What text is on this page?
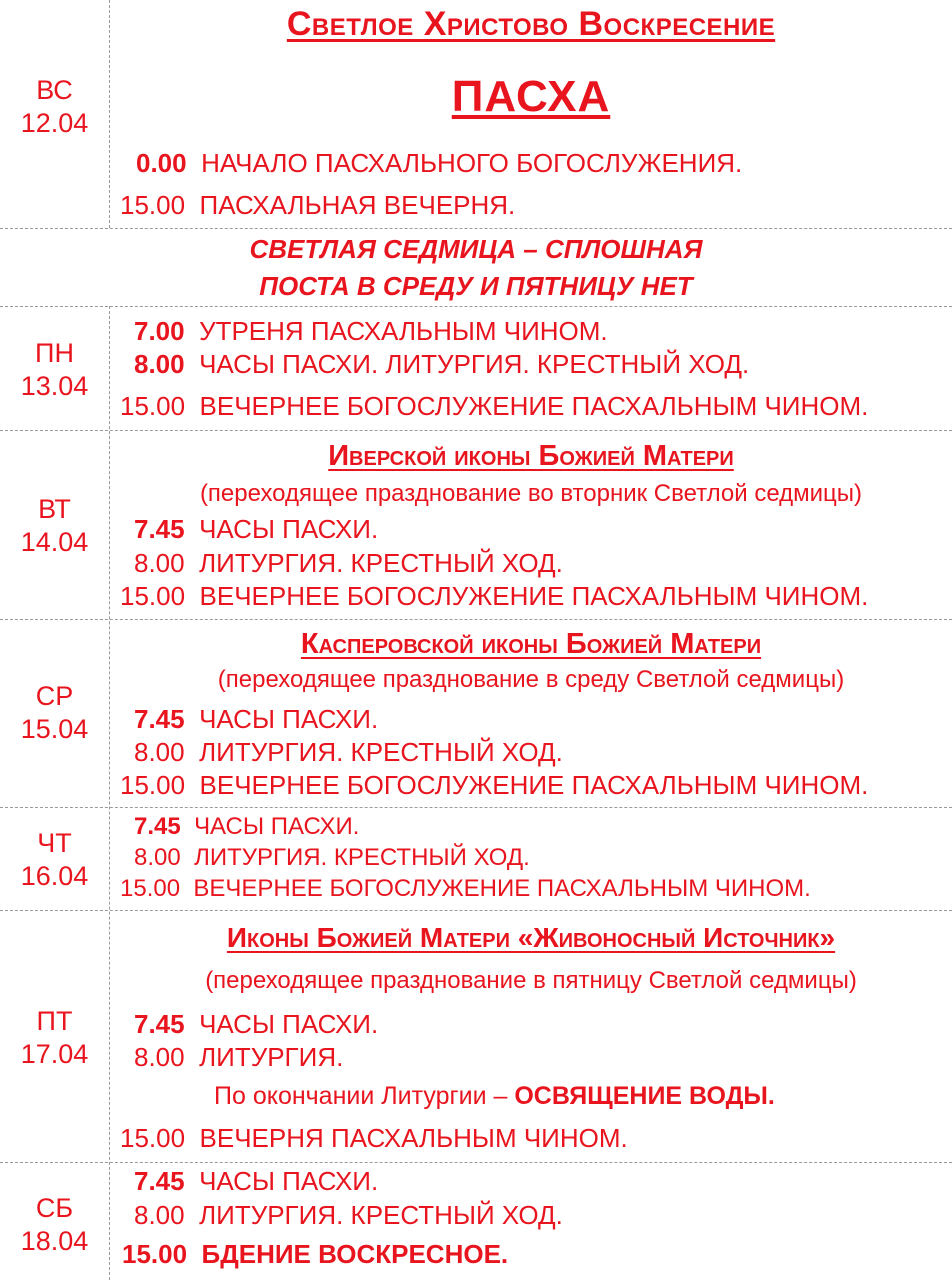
ВС
12.04
Светлое Христово Воскресение
ПАСХА
0.00 НАЧАЛО ПАСХАЛЬНОГО БОГОСЛУЖЕНИЯ.
15.00 ПАСХАЛЬНАЯ ВЕЧЕРНЯ.
СВЕТЛАЯ СЕДМИЦА – СПЛОШНАЯ
ПОСТА В СРЕДУ И ПЯТНИЦУ НЕТ
ПН
13.04
7.00 УТРЕНЯ ПАСХАЛЬНЫМ ЧИНОМ.
8.00 ЧАСЫ ПАСХИ. ЛИТУРГИЯ. КРЕСТНЫЙ ХОД.
15.00 ВЕЧЕРНЕЕ БОГОСЛУЖЕНИЕ ПАСХАЛЬНЫМ ЧИНОМ.
ВТ
14.04
Иверской иконы Божией Матери
(переходящее празднование во вторник Светлой седмицы)
7.45 ЧАСЫ ПАСХИ.
8.00 ЛИТУРГИЯ. КРЕСТНЫЙ ХОД.
15.00 ВЕЧЕРНЕЕ БОГОСЛУЖЕНИЕ ПАСХАЛЬНЫМ ЧИНОМ.
СР
15.04
Касперовской иконы Божией Матери
(переходящее празднование в среду Светлой седмицы)
7.45 ЧАСЫ ПАСХИ.
8.00 ЛИТУРГИЯ. КРЕСТНЫЙ ХОД.
15.00 ВЕЧЕРНЕЕ БОГОСЛУЖЕНИЕ ПАСХАЛЬНЫМ ЧИНОМ.
ЧТ
16.04
7.45 ЧАСЫ ПАСХИ.
8.00 ЛИТУРГИЯ. КРЕСТНЫЙ ХОД.
15.00 ВЕЧЕРНЕЕ БОГОСЛУЖЕНИЕ ПАСХАЛЬНЫМ ЧИНОМ.
ПТ
17.04
Иконы Божией Матери «Живоносный Источник»
(переходящее празднование в пятницу Светлой седмицы)
7.45 ЧАСЫ ПАСХИ.
8.00 ЛИТУРГИЯ.
По окончании Литургии – ОСВЯЩЕНИЕ ВОДЫ.
15.00 ВЕЧЕРНЯ ПАСХАЛЬНЫМ ЧИНОМ.
СБ
18.04
7.45 ЧАСЫ ПАСХИ.
8.00 ЛИТУРГИЯ. КРЕСТНЫЙ ХОД.
15.00 БДЕНИЕ ВОСКРЕСНОЕ.
